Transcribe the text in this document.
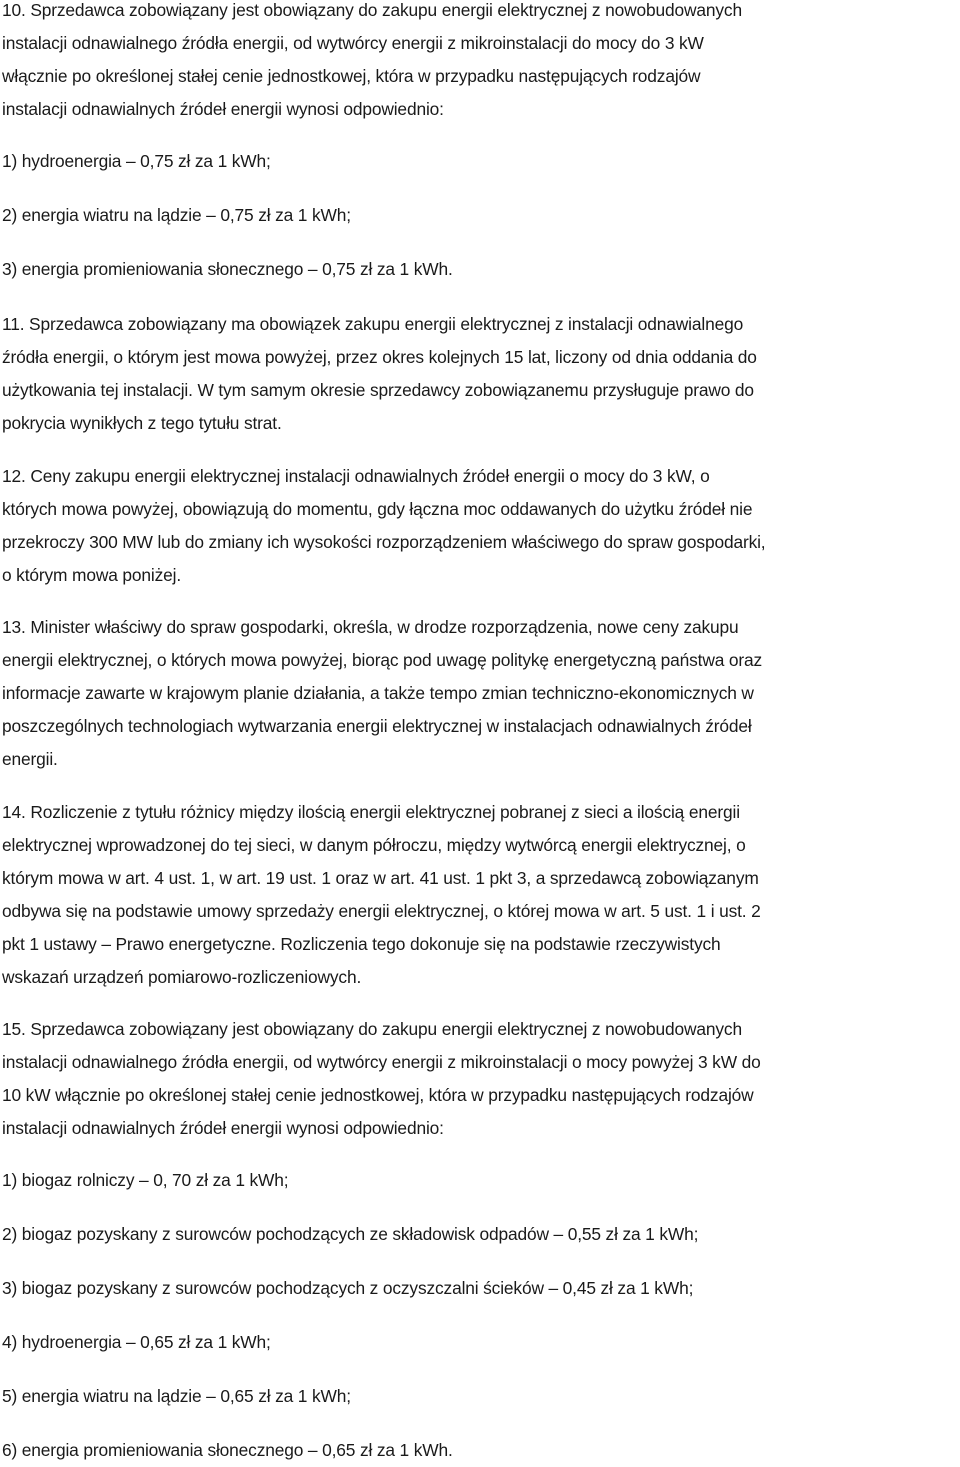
10. Sprzedawca zobowiązany jest obowiązany do zakupu energii elektrycznej z nowobudowanych
instalacji odnawialnego źródła energii, od wytwórcy energii z mikroinstalacji do mocy do 3 kW
włącznie po określonej stałej cenie jednostkowej, która w przypadku następujących rodzajów
instalacji odnawialnych źródeł energii wynosi odpowiednio:
1) hydroenergia – 0,75 zł za 1 kWh;
2) energia wiatru na lądzie – 0,75 zł za 1 kWh;
3) energia promieniowania słonecznego – 0,75 zł za 1 kWh.
11. Sprzedawca zobowiązany ma obowiązek zakupu energii elektrycznej z instalacji odnawialnego
źródła energii, o którym jest mowa powyżej, przez okres kolejnych 15 lat, liczony od dnia oddania do
użytkowania tej instalacji. W tym samym okresie sprzedawcy zobowiązanemu przysługuje prawo do
pokrycia wynikłych z tego tytułu strat.
12. Ceny zakupu energii elektrycznej instalacji odnawialnych źródeł energii o mocy do 3 kW, o
których mowa powyżej, obowiązują do momentu, gdy łączna moc oddawanych do użytku źródeł nie
przekroczy 300 MW lub do zmiany ich wysokości rozporządzeniem właściwego do spraw gospodarki,
o którym mowa poniżej.
13. Minister właściwy do spraw gospodarki, określa, w drodze rozporządzenia, nowe ceny zakupu
energii elektrycznej, o których mowa powyżej, biorąc pod uwagę politykę energetyczną państwa oraz
informacje zawarte w krajowym planie działania, a także tempo zmian techniczno-ekonomicznych w
poszczególnych technologiach wytwarzania energii elektrycznej w instalacjach odnawialnych źródeł
energii.
14. Rozliczenie z tytułu różnicy między ilością energii elektrycznej pobranej z sieci a ilością energii
elektrycznej wprowadzonej do tej sieci, w danym półroczu, między wytwórcą energii elektrycznej, o
którym mowa w art. 4 ust. 1, w art. 19 ust. 1 oraz w art. 41 ust. 1 pkt 3, a sprzedawcą zobowiązanym
odbywa się na podstawie umowy sprzedaży energii elektrycznej, o której mowa w art. 5 ust. 1 i ust. 2
pkt 1 ustawy – Prawo energetyczne. Rozliczenia tego dokonuje się na podstawie rzeczywistych
wskazań urządzeń pomiarowo-rozliczeniowych.
15. Sprzedawca zobowiązany jest obowiązany do zakupu energii elektrycznej z nowobudowanych
instalacji odnawialnego źródła energii, od wytwórcy energii z mikroinstalacji o mocy powyżej 3 kW do
10 kW włącznie po określonej stałej cenie jednostkowej, która w przypadku następujących rodzajów
instalacji odnawialnych źródeł energii wynosi odpowiednio:
1) biogaz rolniczy – 0, 70 zł za 1 kWh;
2) biogaz pozyskany z surowców pochodzących ze składowisk odpadów – 0,55 zł za 1 kWh;
3) biogaz pozyskany z surowców pochodzących z oczyszczalni ścieków – 0,45 zł za 1 kWh;
4) hydroenergia – 0,65 zł za 1 kWh;
5) energia wiatru na lądzie – 0,65 zł za 1 kWh;
6) energia promieniowania słonecznego – 0,65 zł za 1 kWh.
